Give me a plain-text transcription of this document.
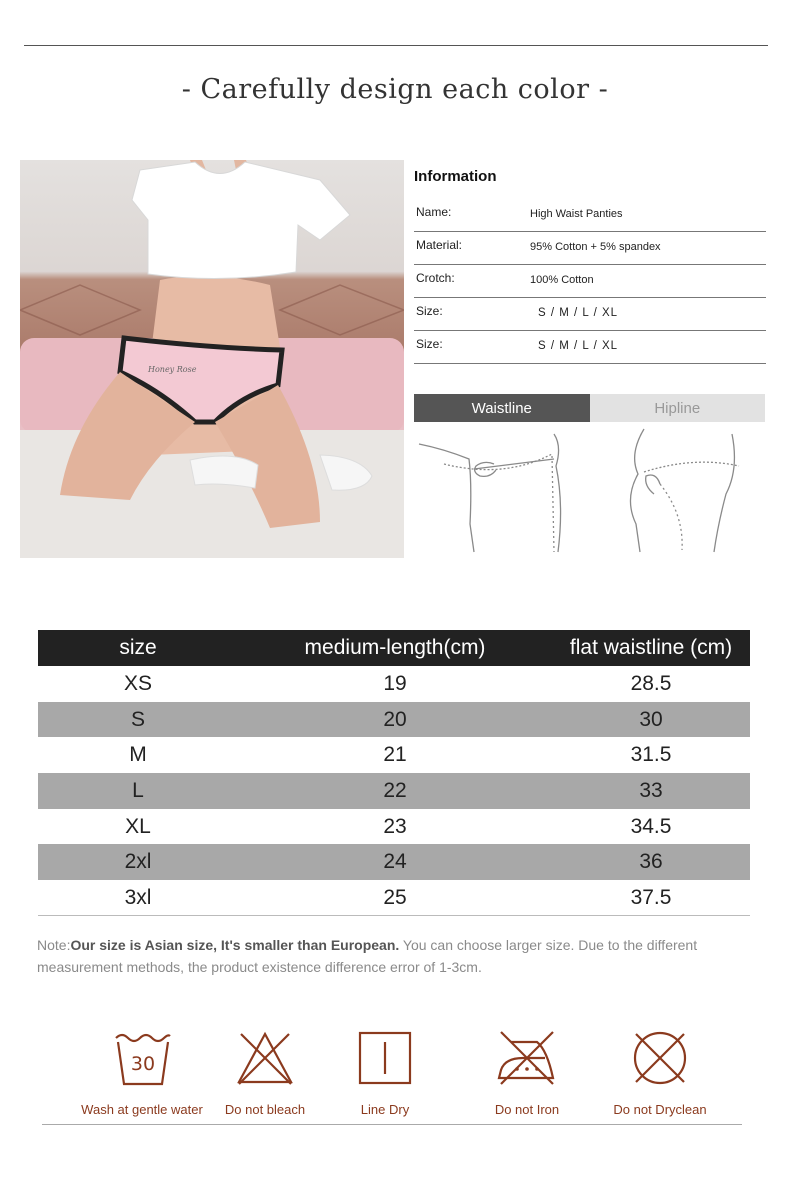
- Carefully design each color -
Honey Rose
Information
Name:	High Waist Panties
Material:	95% Cotton + 5% spandex
Crotch:	100% Cotton
Size:	S / M / L / XL
Size:	S / M / L / XL
Waistline	Hipline
size	medium-length(cm)	flat waistline (cm)
XS	19	28.5
S	20	30
M	21	31.5
L	22	33
XL	23	34.5
2xl	24	36
3xl	25	37.5

Note:Our size is Asian size, It's smaller than European. You can choose larger size. Due to the different measurement methods, the product existence difference error of 1-3cm.

30
Wash at gentle water	Do not bleach	Line Dry	Do not Iron	Do not Dryclean
